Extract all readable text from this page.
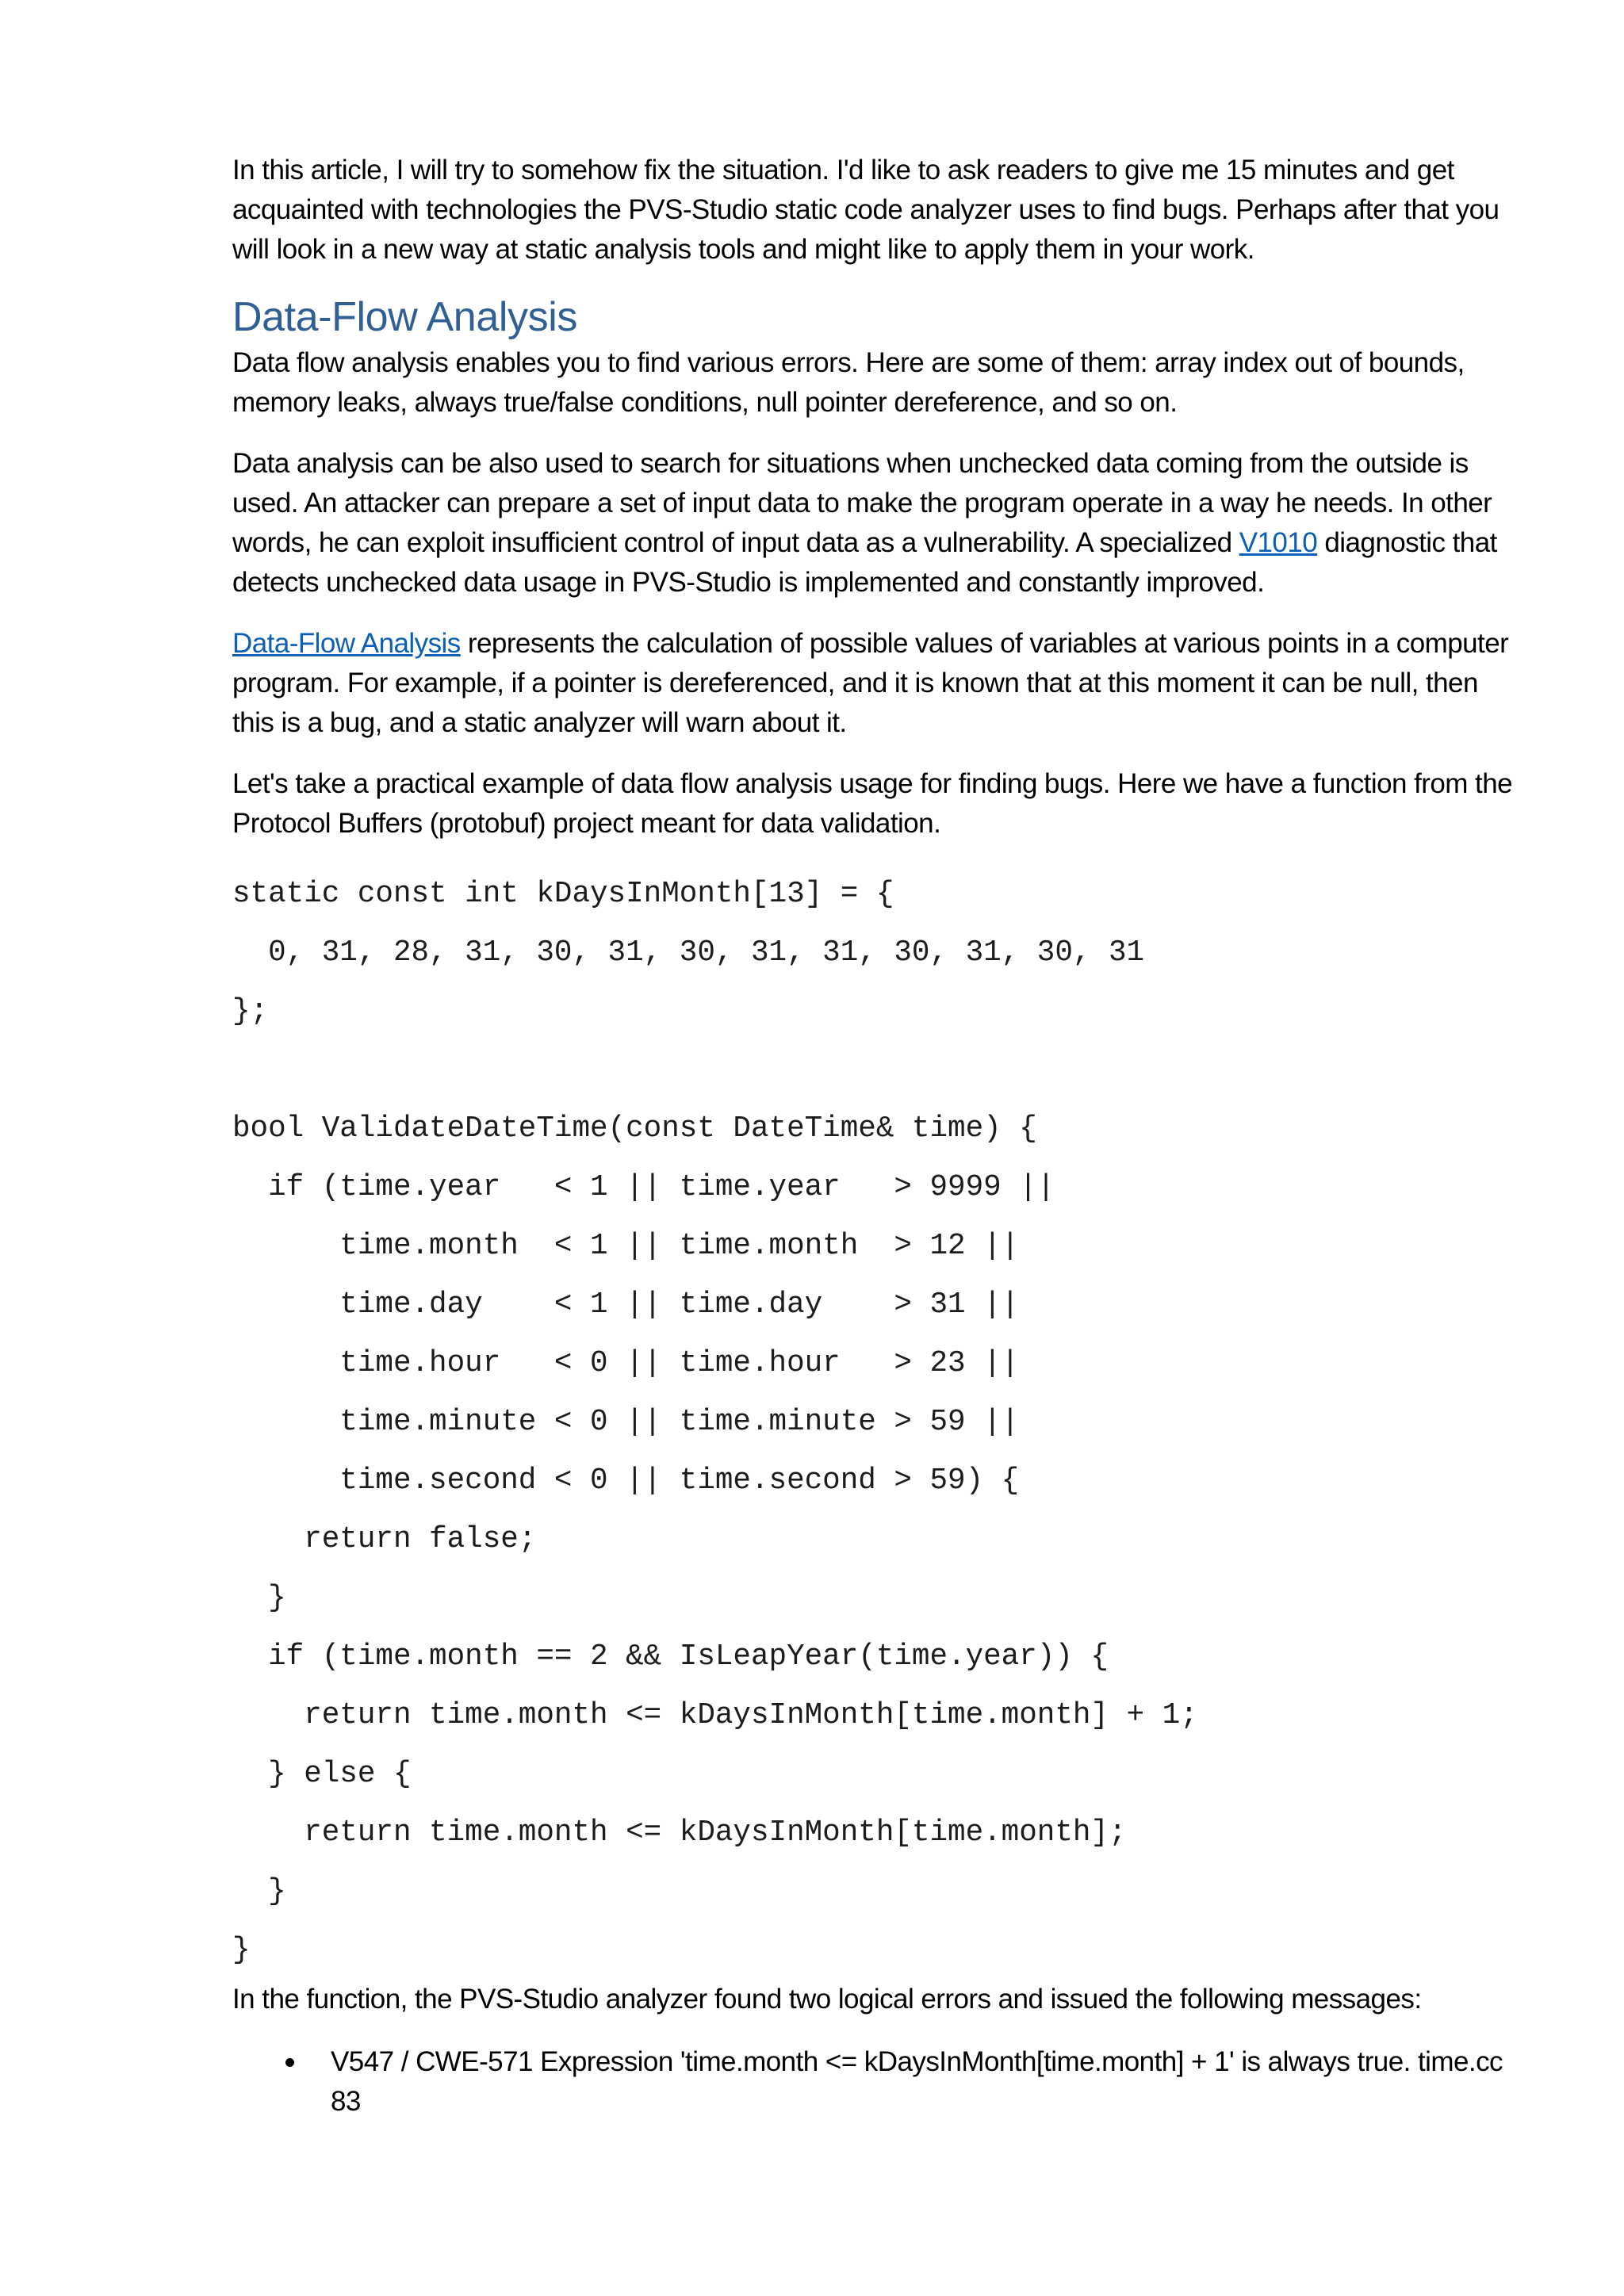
In this article, I will try to somehow fix the situation. I'd like to ask readers to give me 15 minutes and get acquainted with technologies the PVS-Studio static code analyzer uses to find bugs. Perhaps after that you will look in a new way at static analysis tools and might like to apply them in your work.

Data-Flow Analysis

Data flow analysis enables you to find various errors. Here are some of them: array index out of bounds, memory leaks, always true/false conditions, null pointer dereference, and so on.

Data analysis can be also used to search for situations when unchecked data coming from the outside is used. An attacker can prepare a set of input data to make the program operate in a way he needs. In other words, he can exploit insufficient control of input data as a vulnerability. A specialized V1010 diagnostic that detects unchecked data usage in PVS-Studio is implemented and constantly improved.

Data-Flow Analysis represents the calculation of possible values of variables at various points in a computer program. For example, if a pointer is dereferenced, and it is known that at this moment it can be null, then this is a bug, and a static analyzer will warn about it.

Let's take a practical example of data flow analysis usage for finding bugs. Here we have a function from the Protocol Buffers (protobuf) project meant for data validation.

static const int kDaysInMonth[13] = {
0, 31, 28, 31, 30, 31, 30, 31, 31, 30, 31, 30, 31
};
bool ValidateDateTime(const DateTime& time) {
if (time.year   < 1 || time.year   > 9999 ||
time.month  < 1 || time.month  > 12 ||
time.day    < 1 || time.day    > 31 ||
time.hour   < 0 || time.hour   > 23 ||
time.minute < 0 || time.minute > 59 ||
time.second < 0 || time.second > 59) {
return false;
}
if (time.month == 2 && IsLeapYear(time.year)) {
return time.month <= kDaysInMonth[time.month] + 1;
} else {
return time.month <= kDaysInMonth[time.month];
}
}

In the function, the PVS-Studio analyzer found two logical errors and issued the following messages:

V547 / CWE-571 Expression 'time.month <= kDaysInMonth[time.month] + 1' is always true. time.cc 83
